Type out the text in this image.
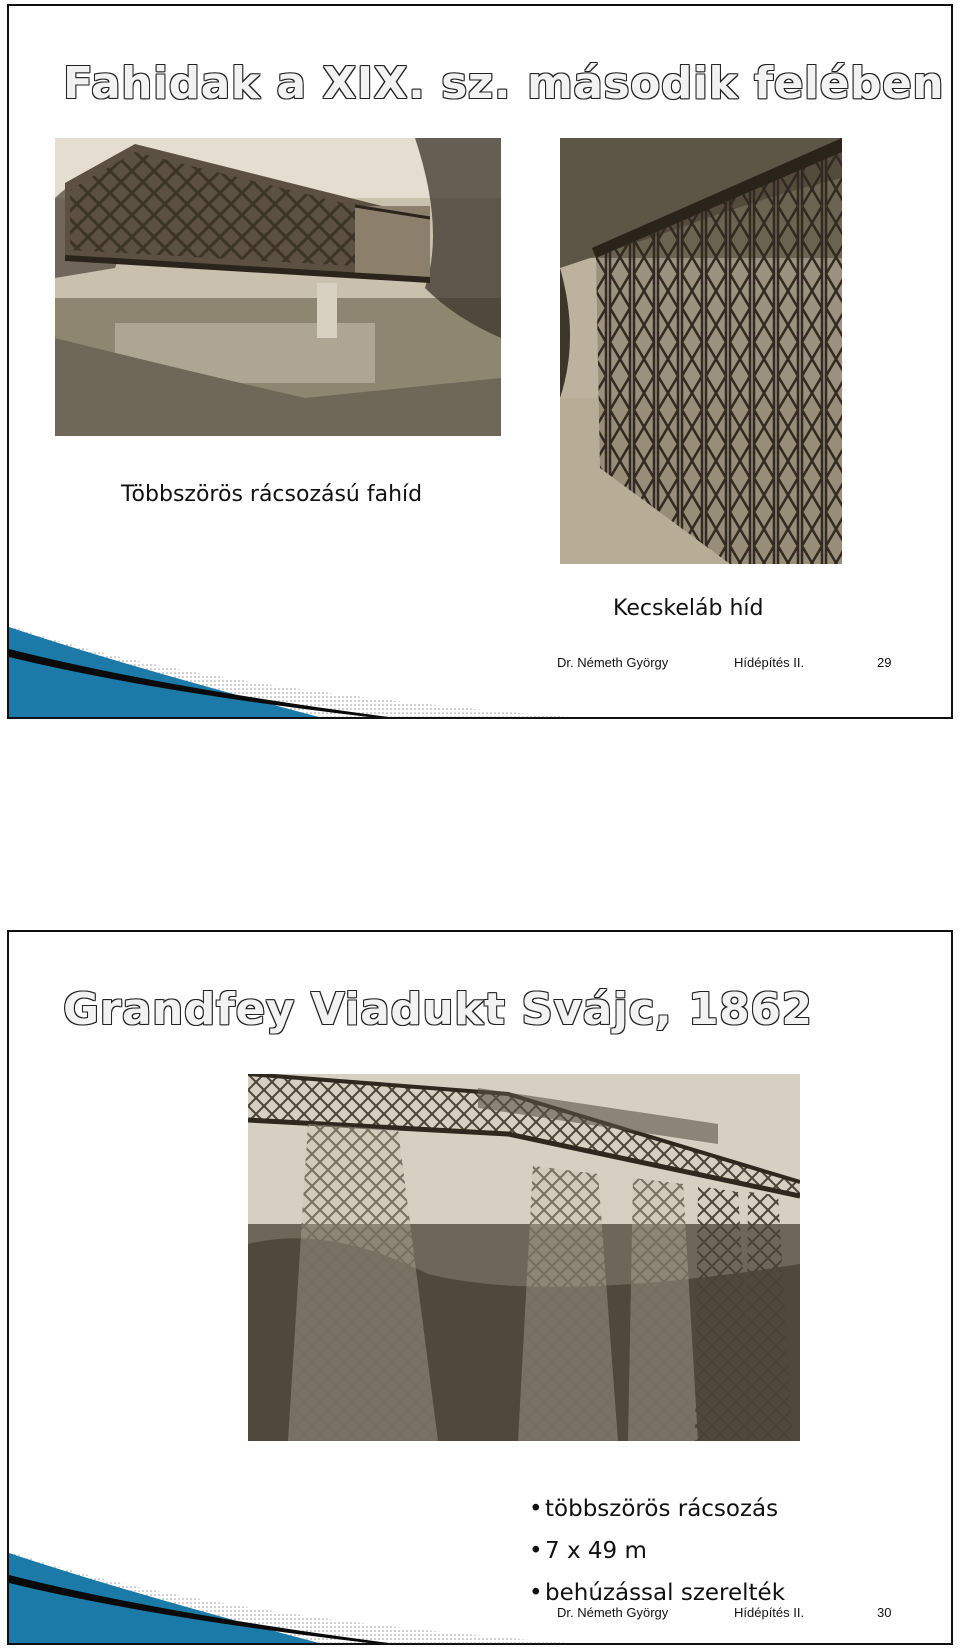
Fahidak a XIX. sz. második felében
Többszörös rácsozású fahíd
Kecskeláb híd
Dr. Németh György	Hídépítés II.	29
Grandfey Viadukt Svájc, 1862
• többszörös rácsozás
• 7 x 49 m
• behúzással szerelték
Dr. Németh György	Hídépítés II.	30
